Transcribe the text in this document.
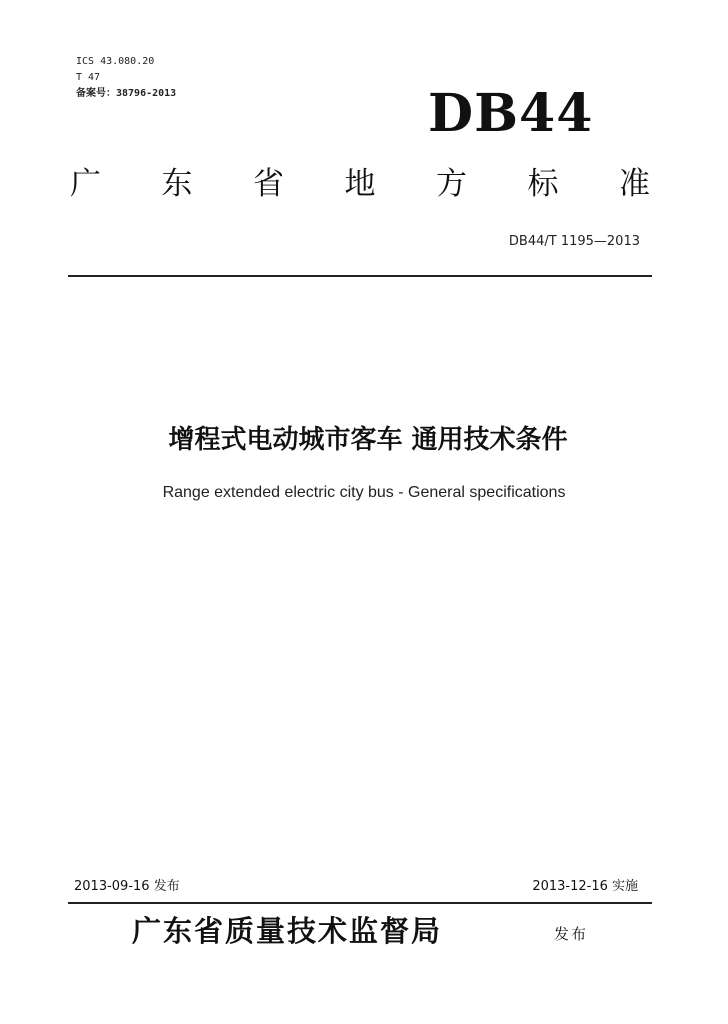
ICS 43.080.20
T 47
备案号：38796-2013	DB44
广 东 省 地 方 标 准
DB44/T 1195—2013
增程式电动城市客车 通用技术条件
Range extended electric city bus - General specifications
2013-09-16 发布	2013-12-16 实施
广东省质量技术监督局	发布
